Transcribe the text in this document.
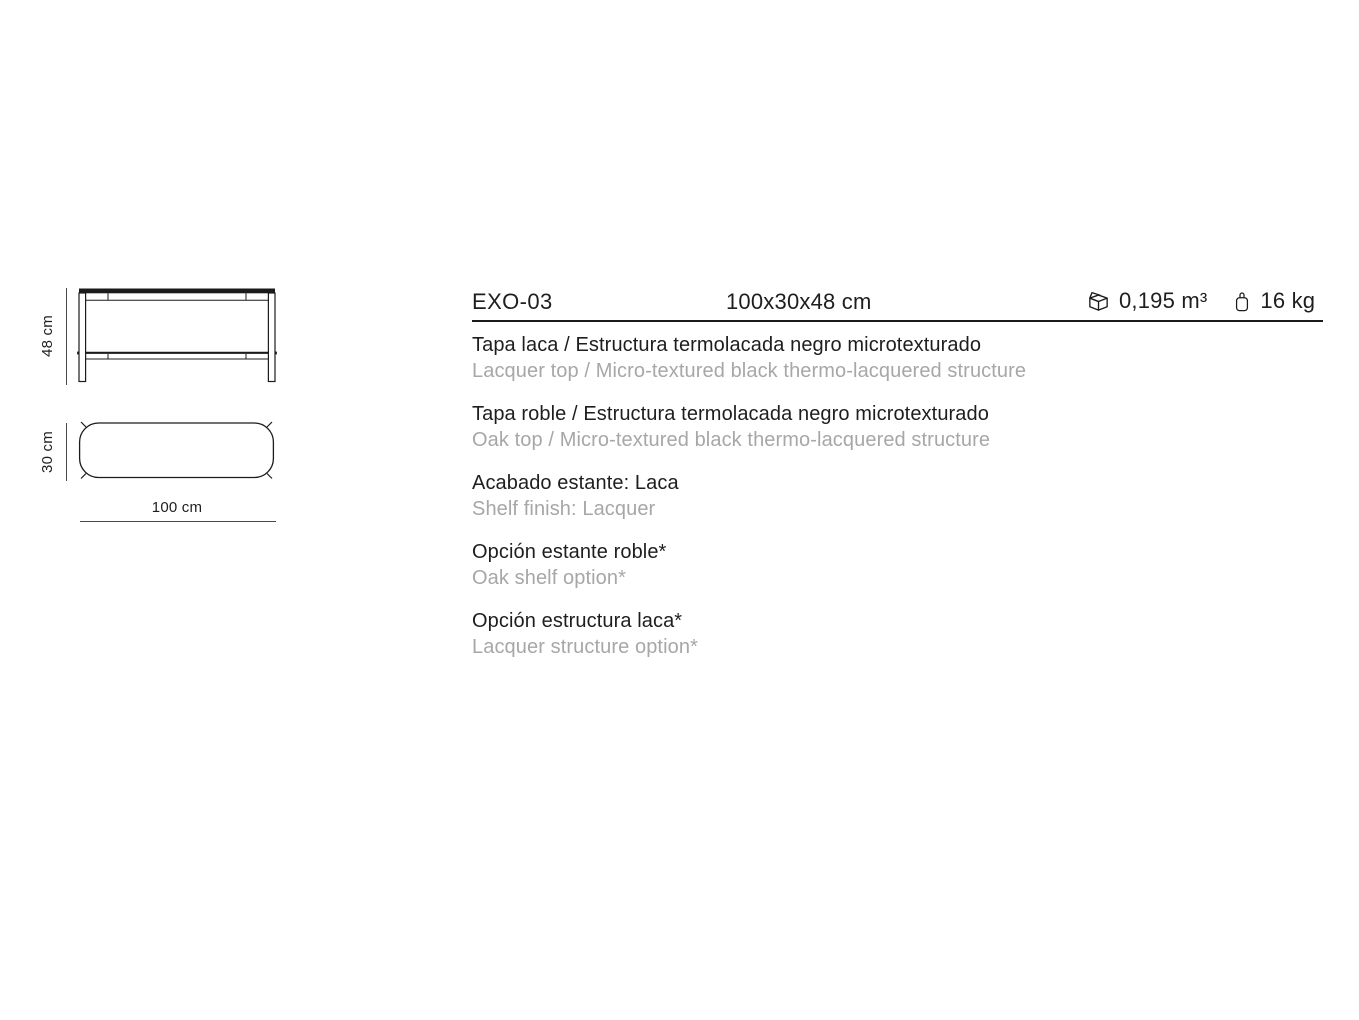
48 cm
30 cm
100 cm
EXO-03	100x30x48 cm	0,195 m³ 16 kg
Tapa laca / Estructura termolacada negro microtexturado
Lacquer top / Micro-textured black thermo-lacquered structure
Tapa roble / Estructura termolacada negro microtexturado
Oak top / Micro-textured black thermo-lacquered structure
Acabado estante: Laca
Shelf finish: Lacquer
Opción estante roble*
Oak shelf option*
Opción estructura laca*
Lacquer structure option*
